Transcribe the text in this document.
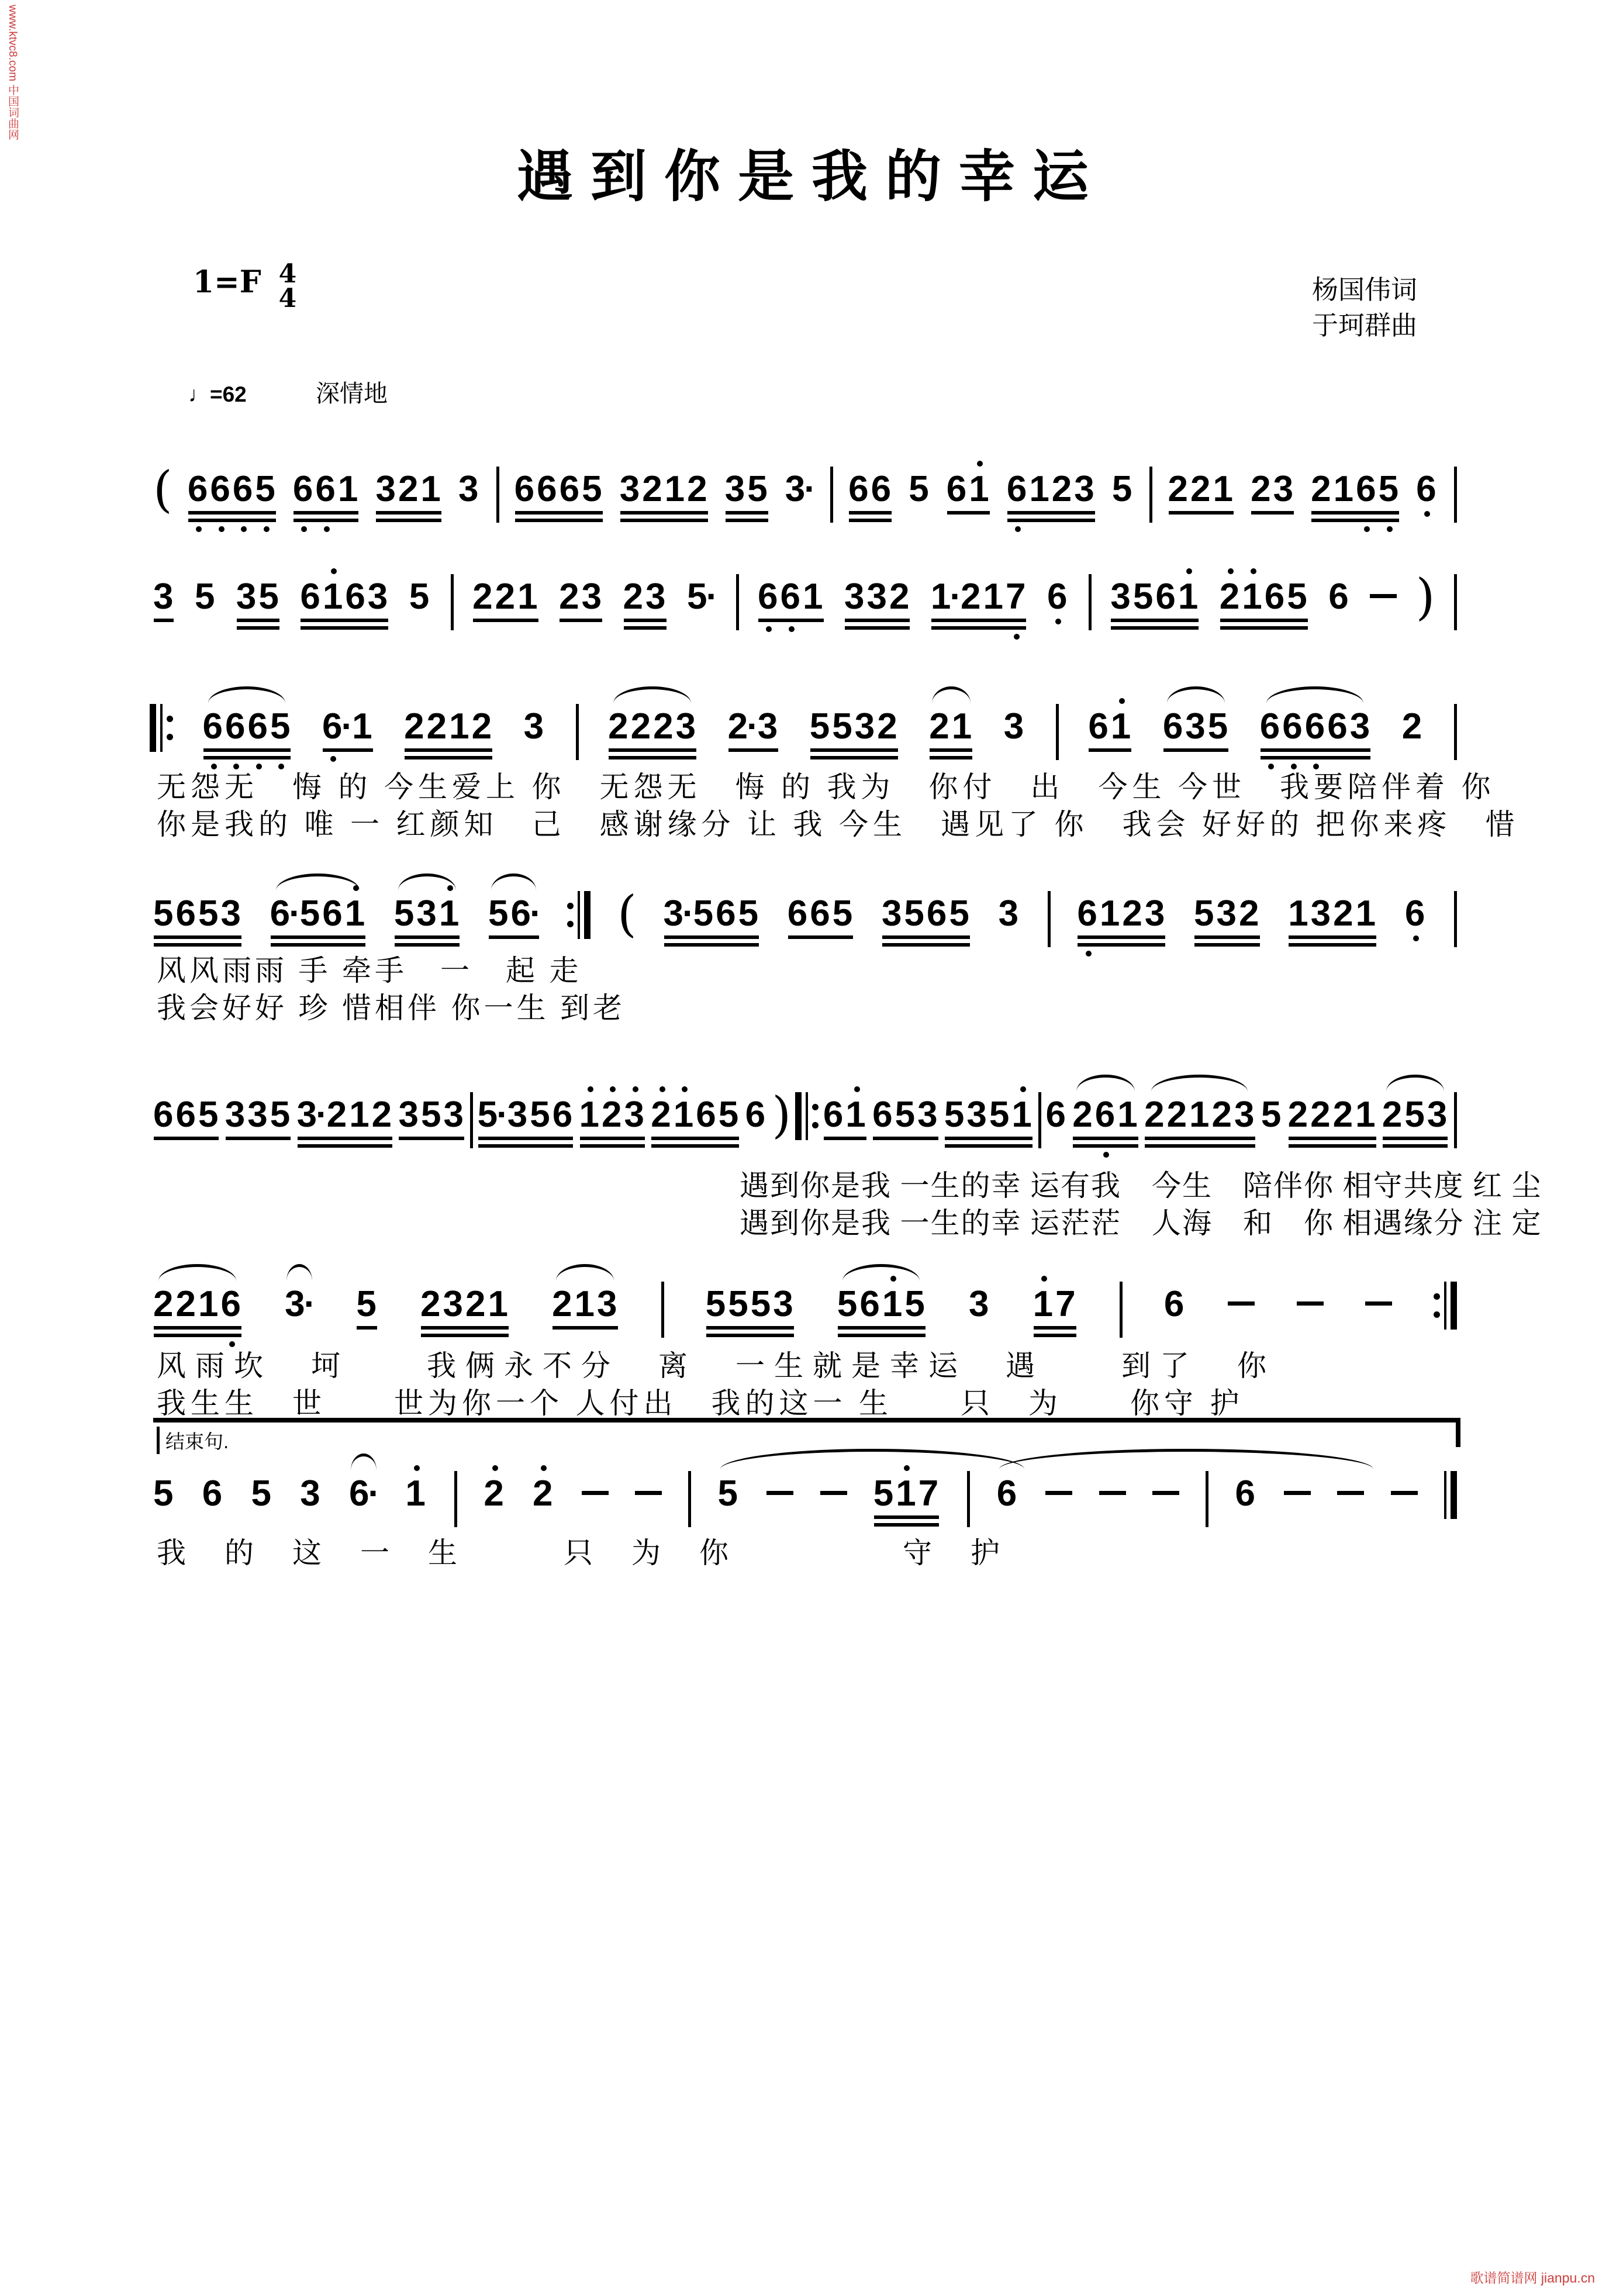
www.ktvc8.com 中国词曲网
遇到你是我的幸运
1=F 4
4	杨国伟词
于珂群曲
♩=62	深情地
结束句.
歌谱简谱网 jianpu.cn
( 6 6 6 5 6 6 1 3 2 1 3 6 6 6 5 3 2 1 2 3 5 3
· 6 6 5 6 1 6 1 2 3 5 2 2 1 2 3 2 1 6 5 6
3 5 3 5 6 1 6 3 5 2 2 1 2 3 2 3 5
· 6 6 1 3 3 2 1
·
2 1 7 6 3 5 6 1 2 1 6 5 6 )
6 6 6 5 6
·
1 2 2 1 2 3 2 2 2 3 2
·
3 5 5 3 2 2 1 3 6 1 6 3 5 6 6 6 6 3 2
无怨无　悔 的 今生爱上 你　无怨无　悔 的 我为　你付　出　今生 今世　我要陪伴着 你
你是我的 唯 一 红颜知　己　感谢缘分 让 我 今生　遇见了 你　我会 好好的 把你来疼　惜
5 6 5 3 6
·
5 6 1 5 3 1 5 6
· ( 3
·
5 6 5 6 6 5 3 5 6 5 3 6 1 2 3 5 3 2 1 3 2 1 6
风风雨雨 手 牵手　一　起 走
我会好好 珍 惜相伴 你一生 到老
6 6 5 3 3 5 3
·
2 1 2 3 5 3 5
·
3 5 6 1 2 3 2 1 6 5 6 ) 6 1 6 5 3 5 3 5 1 6 2 6 1 2 2 1 2 3 5 2 2 2 1 2 5 3
遇到你是我 一生的幸 运有我　今生　陪伴你 相守共度 红 尘
遇到你是我 一生的幸 运茫茫　人海　和　你 相遇缘分 注 定
2 2 1 6 3
· 5 2 3 2 1 2 1 3 5 5 5 3 5 6 1 5 3 1 7 6
风雨坎　坷　　我俩永不分　离　一生就是幸运　遇　　到了　你
我生生　世　　世为你一个 人付出　我的这一 生　　只　为　　你守 护
5 6 5 3 6
· 1 2 2	5	5 1 7 6	6
我　的　这　一　生　　　只　为　你　　　　　守　护
